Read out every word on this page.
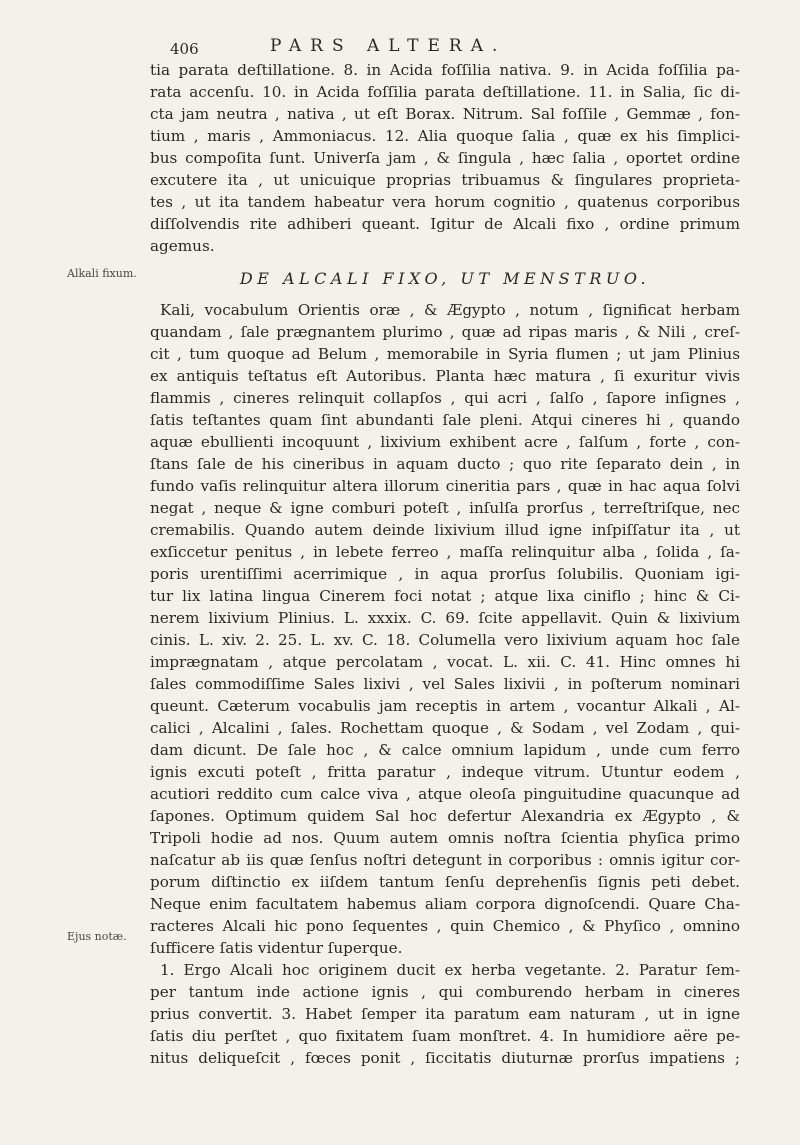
406	PARS ALTERA.
Alkali fixum.
Ejus notæ.
tia parata deſtillatione. 8. in Acida foſſilia nativa. 9. in Acida foſſilia pa-
rata accenſu. 10. in Acida foſſilia parata deſtillatione. 11. in Salia, ſic di-
cta jam neutra , nativa , ut eſt Borax. Nitrum. Sal foſſile , Gemmæ , fon-
tium , maris , Ammoniacus. 12. Alia quoque ſalia , quæ ex his ſimplici-
bus compoſita ſunt. Univerſa jam , & ſingula , hæc ſalia , oportet ordine
excutere ita , ut unicuique proprias tribuamus & ſingulares proprieta-
tes , ut ita tandem habeatur vera horum cognitio , quatenus corporibus
diſſolvendis rite adhiberi queant. Igitur de Alcali fixo , ordine primum
agemus.
DE ALCALI FIXO, UT MENSTRUO.
Kali, vocabulum Orientis oræ , & Ægypto , notum , ſignificat herbam
quandam , ſale prægnantem plurimo , quæ ad ripas maris , & Nili , creſ-
cit , tum quoque ad Belum , memorabile in Syria flumen ; ut jam Plinius
ex antiquis teſtatus eſt Autoribus. Planta hæc matura , ſi exuritur vivis
flammis , cineres relinquit collapſos , qui acri , ſalſo , ſapore inſignes ,
ſatis teſtantes quam ſint abundanti ſale pleni. Atqui cineres hi , quando
aquæ ebullienti incoquunt , lixivium exhibent acre , ſalſum , forte , con-
ſtans ſale de his cineribus in aquam ducto ; quo rite ſeparato dein , in
fundo vaſis relinquitur altera illorum cineritia pars , quæ in hac aqua ſolvi
negat , neque & igne comburi poteſt , inſulſa prorſus , terreſtriſque, nec
cremabilis. Quando autem deinde lixivium illud igne inſpiſſatur ita , ut
exſiccetur penitus , in lebete ferreo , maſſa relinquitur alba , ſolida , ſa-
poris urentiſſimi acerrimique , in aqua prorſus ſolubilis. Quoniam igi-
tur lix latina lingua Cinerem foci notat ; atque lixa ciniflo ; hinc & Ci-
nerem lixivium Plinius. L. xxxix. C. 69. ſcite appellavit. Quin & lixivium
cinis. L. xiv. 2. 25. L. xv. C. 18. Columella vero lixivium aquam hoc ſale
imprægnatam , atque percolatam , vocat. L. xii. C. 41. Hinc omnes hi
ſales commodiſſime Sales lixivi , vel Sales lixivii , in poſterum nominari
queunt. Cæterum vocabulis jam receptis in artem , vocantur Alkali , Al-
calici , Alcalini , ſales. Rochettam quoque , & Sodam , vel Zodam , qui-
dam dicunt. De ſale hoc , & calce omnium lapidum , unde cum ferro
ignis excuti poteſt , fritta paratur , indeque vitrum. Utuntur eodem ,
acutiori reddito cum calce viva , atque oleoſa pinguitudine quacunque ad
ſapones. Optimum quidem Sal hoc defertur Alexandria ex Ægypto , &
Tripoli hodie ad nos. Quum autem omnis noſtra ſcientia phyſica primo
naſcatur ab iis quæ ſenſus noſtri detegunt in corporibus : omnis igitur cor-
porum diſtinctio ex iiſdem tantum ſenſu deprehenſis ſignis peti debet.
Neque enim facultatem habemus aliam corpora dignoſcendi. Quare Cha-
racteres Alcali hic pono ſequentes , quin Chemico , & Phyſico , omnino
ſufficere ſatis videntur ſuperque.
1. Ergo Alcali hoc originem ducit ex herba vegetante. 2. Paratur ſem-
per tantum inde actione ignis , qui comburendo herbam in cineres
prius convertit. 3. Habet ſemper ita paratum eam naturam , ut in igne
ſatis diu perſtet , quo fixitatem ſuam monſtret. 4. In humidiore aëre pe-
nitus deliqueſcit , fœces ponit , ſiccitatis diuturnæ prorſus impatiens ;
